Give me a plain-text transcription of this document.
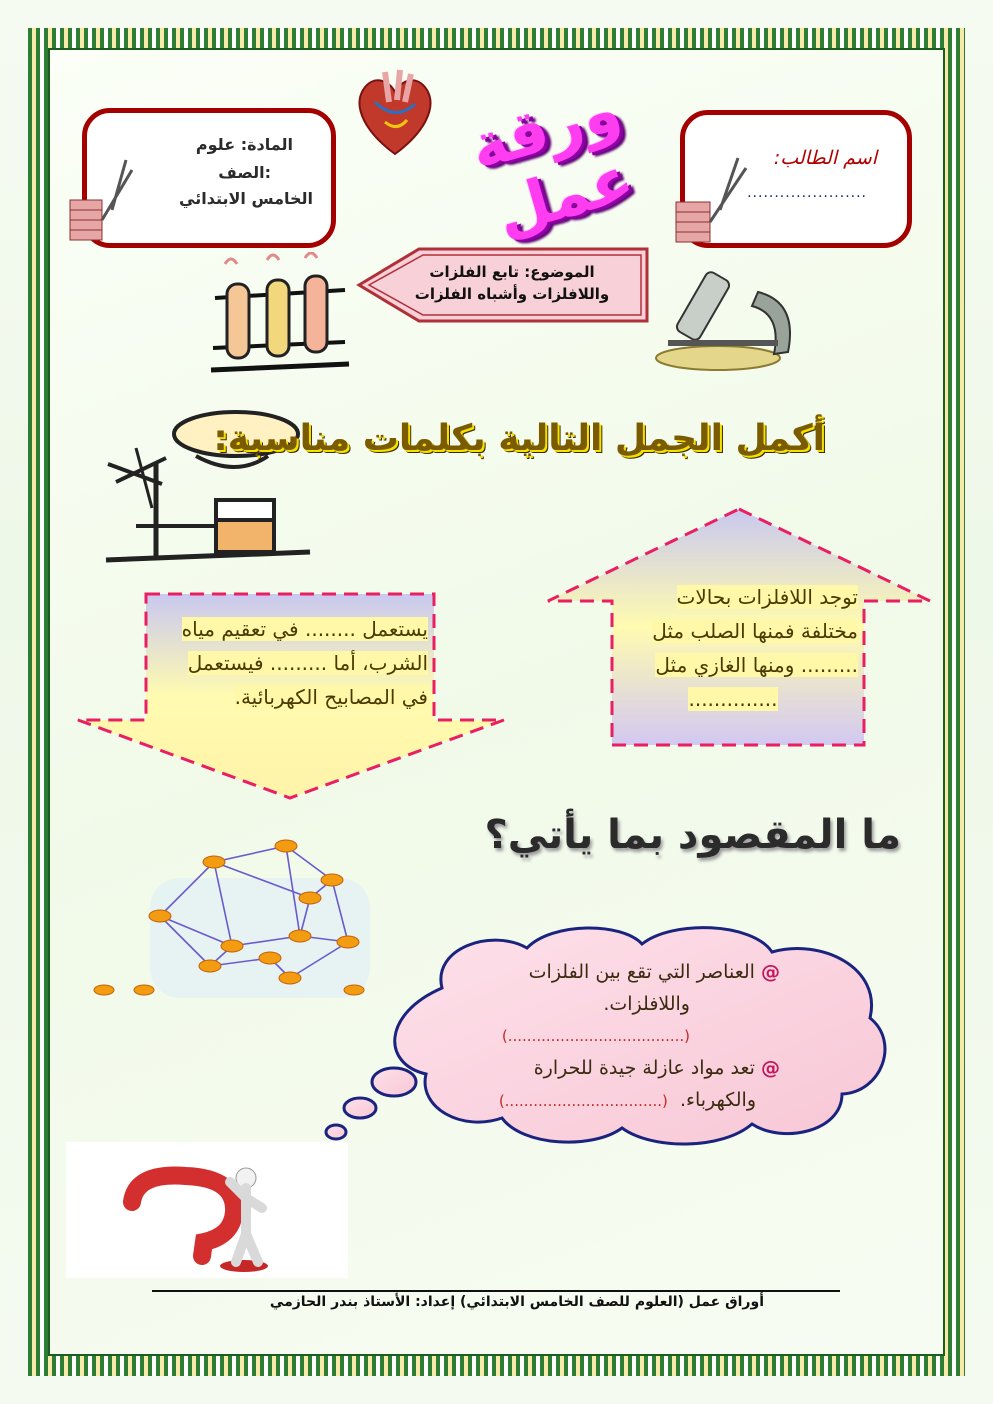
المادة: علوم
الصف:
الخامس الابتدائي
ورقة عمل	اسم الطالب:
......................
الموضوع: تابع الفلزات
واللافلزات وأشباه الفلزات
أكمل الجمل التالية بكلمات مناسبة:
توجد اللافلزات بحالات
مختلفة فمنها الصلب مثل
......... ومنها الغازي مثل
..............
يستعمل ........ في تعقيم مياه
الشرب، أما ......... فيستعمل
في المصابيح الكهربائية.
ما المقصود بما يأتي؟
@ العناصر التي تقع بين الفلزات
واللافلزات.
(.....................................)
@ تعد مواد عازلة جيدة للحرارة
والكهرباء.  (.................................)
أوراق عمل (العلوم للصف الخامس الابتدائي) إعداد: الأستاذ بندر الحازمي
